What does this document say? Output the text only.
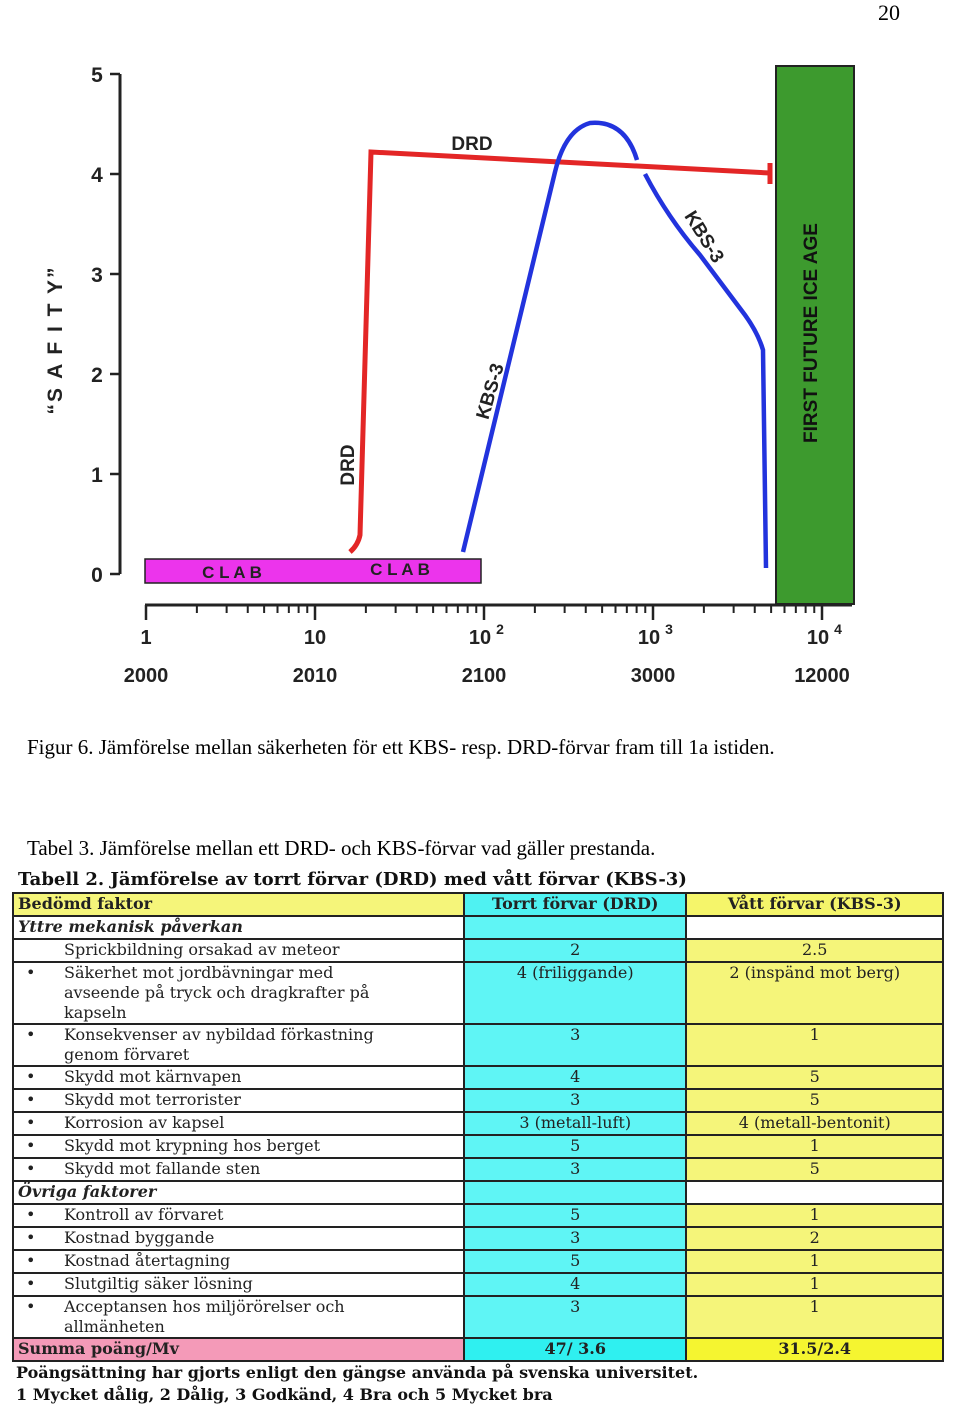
20
0
1
2
3
4
5
“S A F I T Y”
C L A B	C L A B
FIRST FUTURE ICE AGE
DRD
DRD
KBS-3
KBS-3
1
2000
10
2010
10 2
2100
10 3
3000
10 4
12000
Figur 6. Jämförelse mellan säkerheten för ett KBS- resp. DRD-förvar fram till 1a istiden.
Tabel 3. Jämförelse mellan ett DRD- och KBS-förvar vad gäller prestanda.
Tabell 2. Jämförelse av torrt förvar (DRD) med vått förvar (KBS-3)
Bedömd faktor	Torrt förvar (DRD)	Vått förvar (KBS-3)
Yttre mekanisk påverkan		
Sprickbildning orsakad av meteor	2	2.5
• Säkerhet mot jordbävningar med
avseende på tryck och dragkrafter på
kapseln	4 (friliggande)	2 (inspänd mot berg)
• Konsekvenser av nybildad förkastning
genom förvaret	3	1
• Skydd mot kärnvapen	4	5
• Skydd mot terrorister	3	5
• Korrosion av kapsel	3 (metall-luft)	4 (metall-bentonit)
• Skydd mot krypning hos berget	5	1
• Skydd mot fallande sten	3	5
Övriga faktorer		
• Kontroll av förvaret	5	1
• Kostnad byggande	3	2
• Kostnad återtagning	5	1
• Slutgiltig säker lösning	4	1
• Acceptansen hos miljörörelser och
allmänheten	3	1
Summa poäng/Mv	47/ 3.6	31.5/2.4
Poängsättning har gjorts enligt den gängse använda på svenska universitet.
1 Mycket dålig, 2 Dålig, 3 Godkänd, 4 Bra och 5 Mycket bra
